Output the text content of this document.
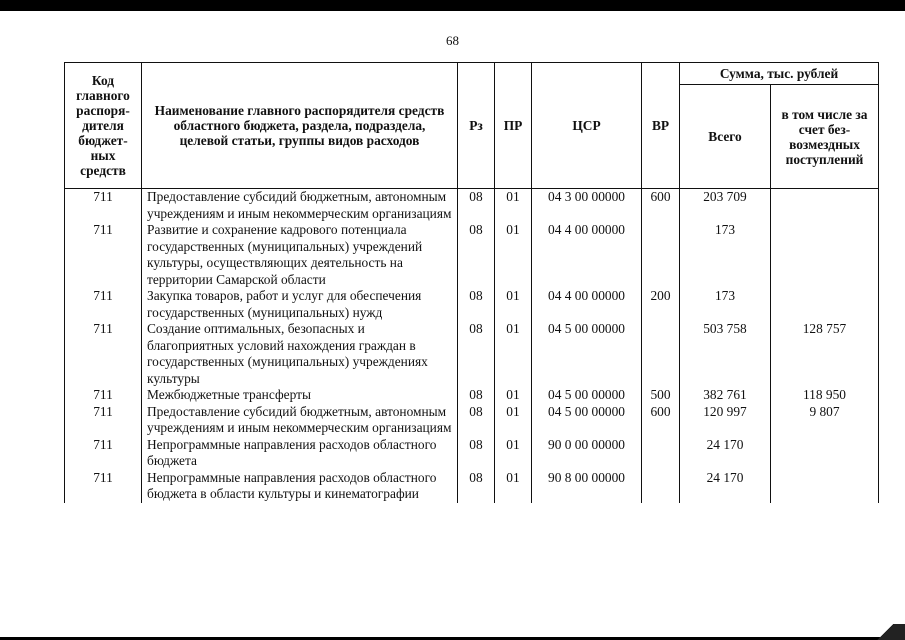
68
Код главного распоря-дителя бюджет-ных средств	Наименование главного распорядителя средств областного бюджета, раздела, подраздела, целевой статьи, группы видов расходов	Рз	ПР	ЦСР	ВР	Сумма, тыс. рублей	
						Всего	в том числе за счет без-возмездных поступлений
711	Предоставление субсидий бюджетным, автономным учреждениям и иным некоммерческим организациям	08	01	04 3 00 00000	600	203 709	
711	Развитие и сохранение кадрового потенциала государственных (муниципальных) учреждений культуры, осуществляющих деятельность на территории Самарской области	08	01	04 4 00 00000		173	
711	Закупка товаров, работ и услуг для обеспечения государственных (муниципальных) нужд	08	01	04 4 00 00000	200	173	
711	Создание оптимальных, безопасных и благоприятных условий нахождения граждан в государственных (муниципальных) учреждениях культуры	08	01	04 5 00 00000		503 758	128 757
711	Межбюджетные трансферты	08	01	04 5 00 00000	500	382 761	118 950
711	Предоставление субсидий бюджетным, автономным учреждениям и иным некоммерческим организациям	08	01	04 5 00 00000	600	120 997	9 807
711	Непрограммные направления расходов областного бюджета	08	01	90 0 00 00000		24 170	
711	Непрограммные направления расходов областного бюджета в области культуры и кинематографии	08	01	90 8 00 00000		24 170	
